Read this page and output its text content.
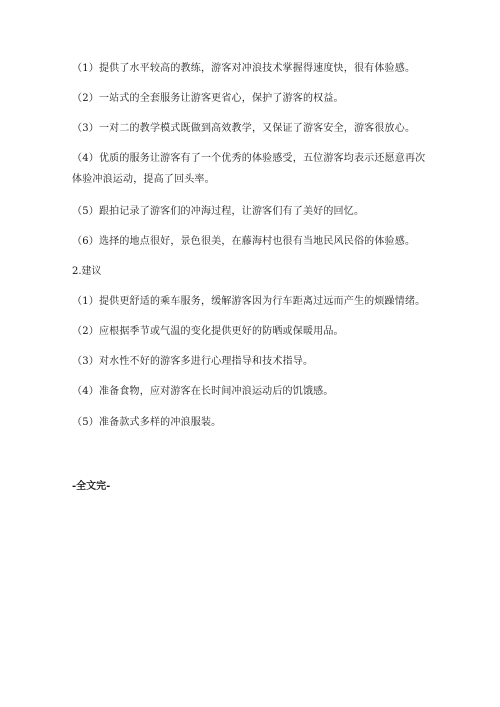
（1）提供了水平较高的教练，游客对冲浪技术掌握得速度快，很有体验感。
（2）一站式的全套服务让游客更省心，保护了游客的权益。
（3）一对二的教学模式既做到高效教学，又保证了游客安全，游客很放心。
（4）优质的服务让游客有了一个优秀的体验感受，五位游客均表示还愿意再次
体验冲浪运动，提高了回头率。
（5）跟拍记录了游客们的冲海过程，让游客们有了美好的回忆。
（6）选择的地点很好，景色很美，在藤海村也很有当地民风民俗的体验感。
2.建议
（1）提供更舒适的乘车服务，缓解游客因为行车距离过远而产生的烦躁情绪。
（2）应根据季节或气温的变化提供更好的防晒或保暖用品。
（3）对水性不好的游客多进行心理指导和技术指导。
（4）准备食物，应对游客在长时间冲浪运动后的饥饿感。
（5）准备款式多样的冲浪服装。
-全文完-
